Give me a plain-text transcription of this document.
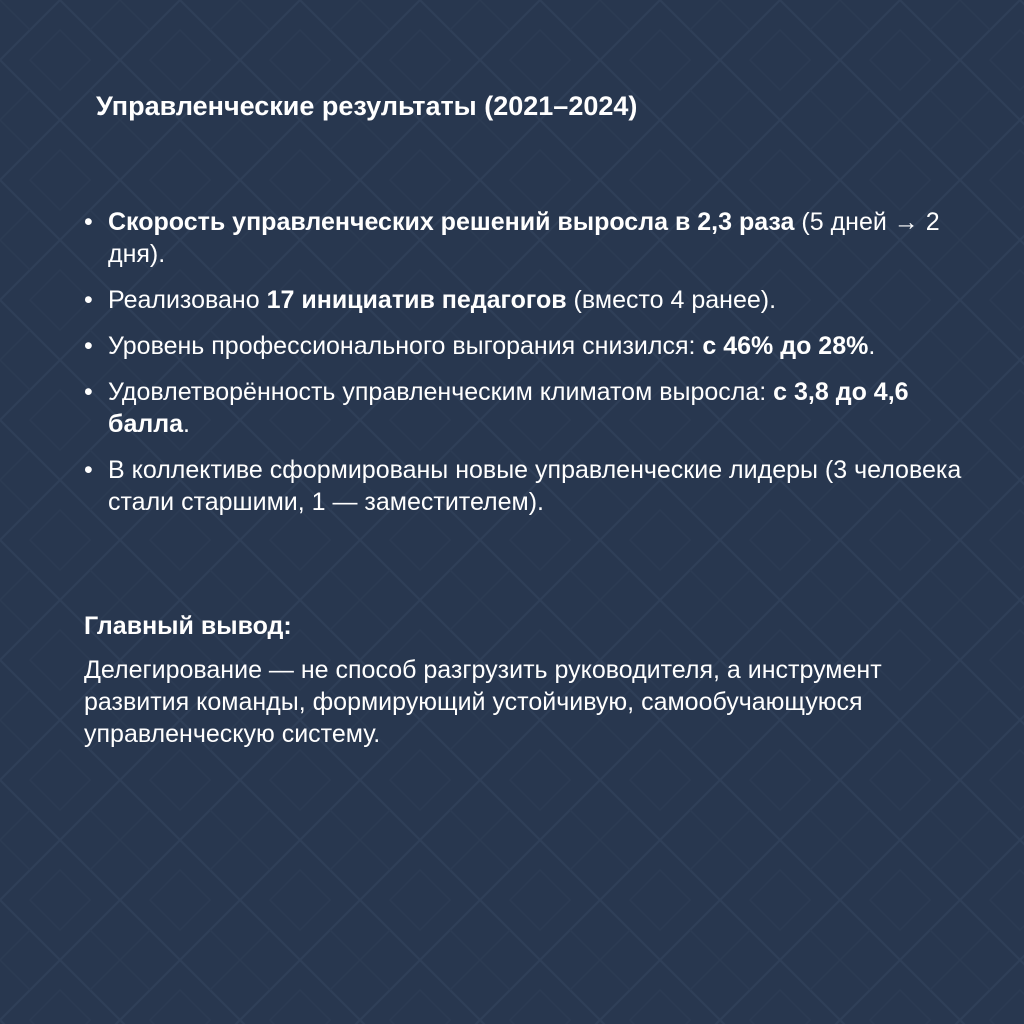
Управленческие результаты (2021–2024)
• Скорость управленческих решений выросла в 2,3 раза (5 дней → 2 дня).
• Реализовано 17 инициатив педагогов (вместо 4 ранее).
• Уровень профессионального выгорания снизился: с 46% до 28%.
• Удовлетворённость управленческим климатом выросла: с 3,8 до 4,6 балла.
• В коллективе сформированы новые управленческие лидеры (3 человека стали старшими, 1 — заместителем).
Главный вывод:

Делегирование — не способ разгрузить руководителя, а инструмент развития команды, формирующий устойчивую, самообучающуюся управленческую систему.
